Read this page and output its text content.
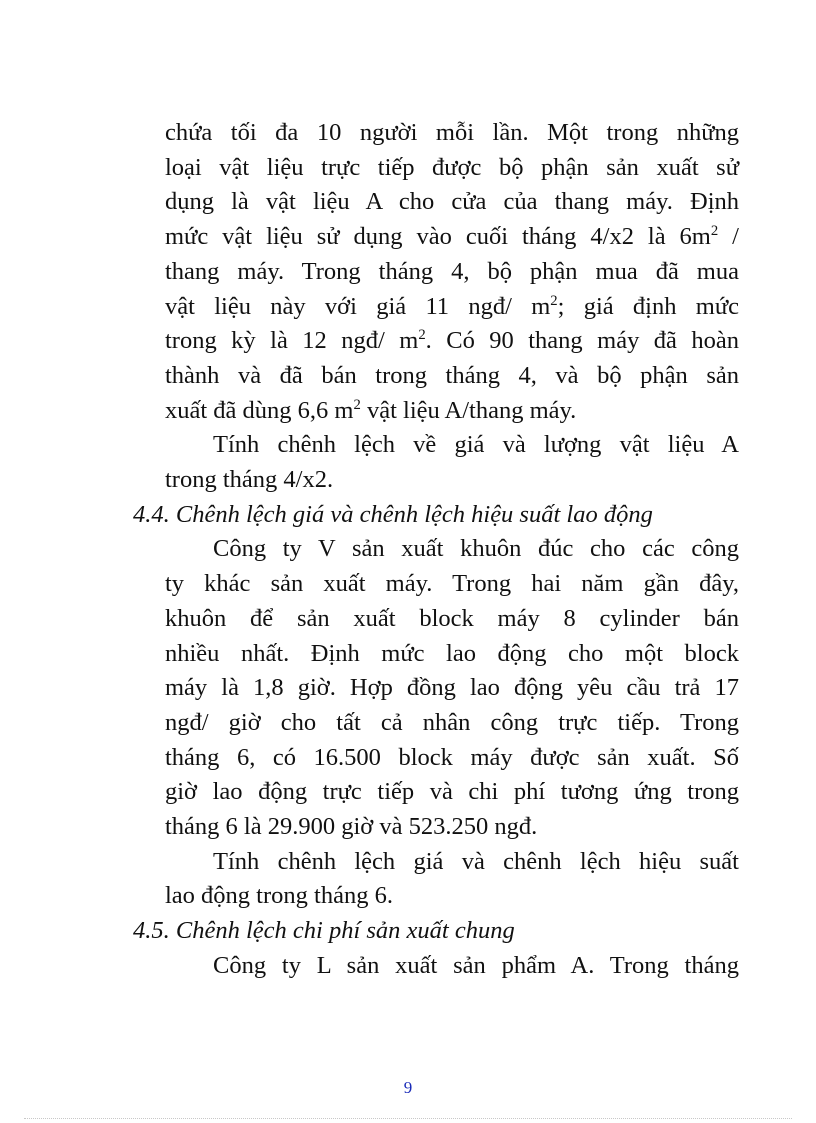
chứa tối đa 10 người mỗi lần. Một trong những
loại vật liệu trực tiếp được bộ phận sản xuất sử
dụng là vật liệu A cho cửa của thang máy. Định
mức vật liệu sử dụng vào cuối tháng 4/x2 là $6m^2$ /
thang máy. Trong tháng 4, bộ phận mua đã mua
vật liệu này với giá 11 ngđ/ $m^2$; giá định mức
trong kỳ là 12 ngđ/ $m^2$. Có 90 thang máy đã hoàn
thành và đã bán trong tháng 4, và bộ phận sản
xuất đã dùng 6,6 $m^2$ vật liệu A/thang máy.
Tính chênh lệch về giá và lượng vật liệu A
trong tháng 4/x2.
4.4. Chênh lệch giá và chênh lệch hiệu suất lao động
Công ty V sản xuất khuôn đúc cho các công
ty khác sản xuất máy. Trong hai năm gần đây,
khuôn để sản xuất block máy 8 cylinder bán
nhiều nhất. Định mức lao động cho một block
máy là 1,8 giờ. Hợp đồng lao động yêu cầu trả 17
ngđ/ giờ cho tất cả nhân công trực tiếp. Trong
tháng 6, có 16.500 block máy được sản xuất. Số
giờ lao động trực tiếp và chi phí tương ứng trong
tháng 6 là 29.900 giờ và 523.250 ngđ.
Tính chênh lệch giá và chênh lệch hiệu suất
lao động trong tháng 6.
4.5. Chênh lệch chi phí sản xuất chung
Công ty L sản xuất sản phẩm A. Trong tháng
9
